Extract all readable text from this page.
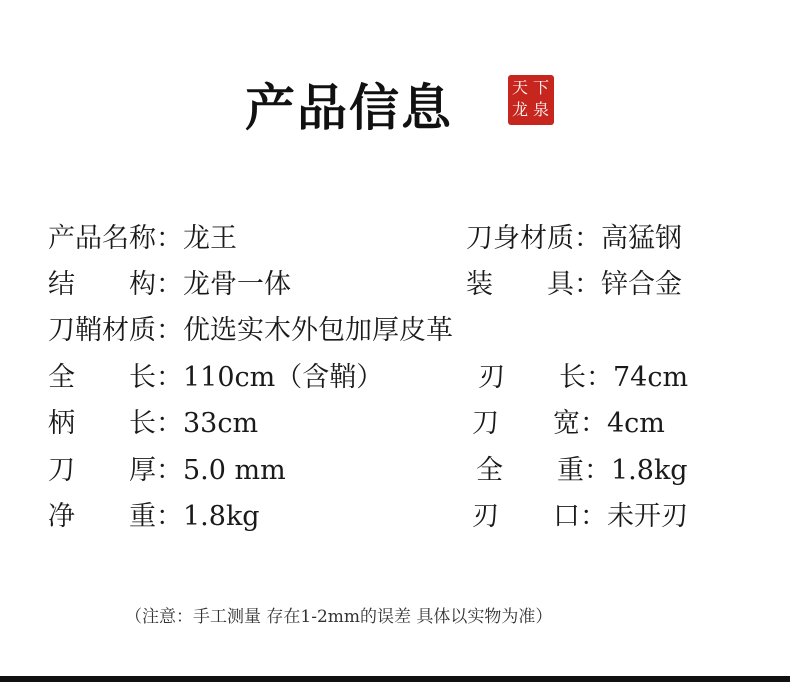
产品信息	天 下
龙 泉
产品名称：龙王	刀身材质：高猛钢
结　　构：龙骨一体	装　　具：锌合金
刀鞘材质：优选实木外包加厚皮革
全　　长：110cm（含鞘）	刃　　长：74cm
柄　　长：33cm	刀　　宽：4cm
刀　　厚：5.0 mm	全　　重：1.8kg
净　　重：1.8kg	刃　　口：未开刃
（注意：手工测量 存在1-2mm的误差 具体以实物为准）
